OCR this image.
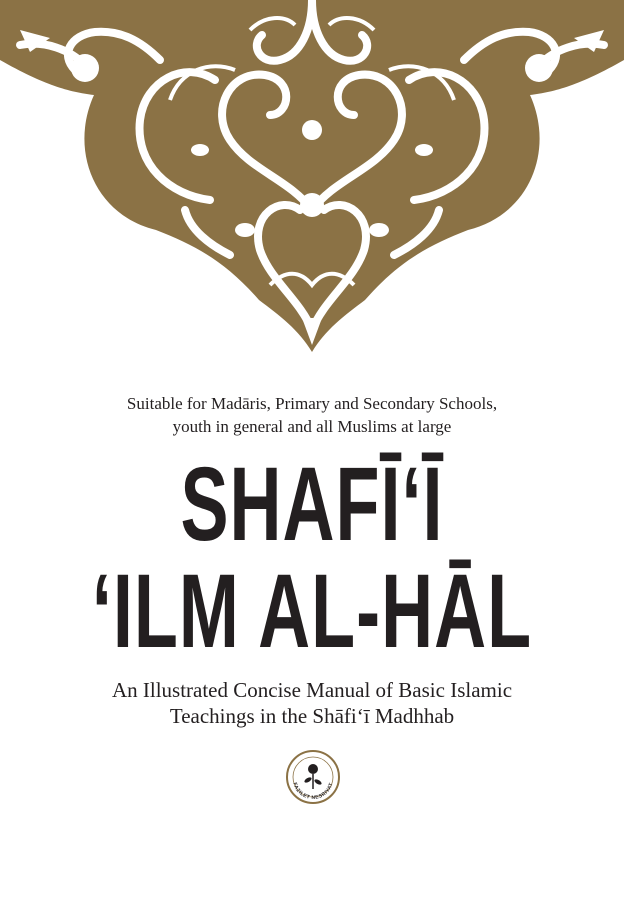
Suitable for Madāris, Primary and Secondary Schools,
youth in general and all Muslims at large
SHAFĪ‘Ī
‘ILM AL-HĀL
An Illustrated Concise Manual of Basic Islamic
Teachings in the Shāfi‘ī Madhhab
FAZILET NESRIYAT
